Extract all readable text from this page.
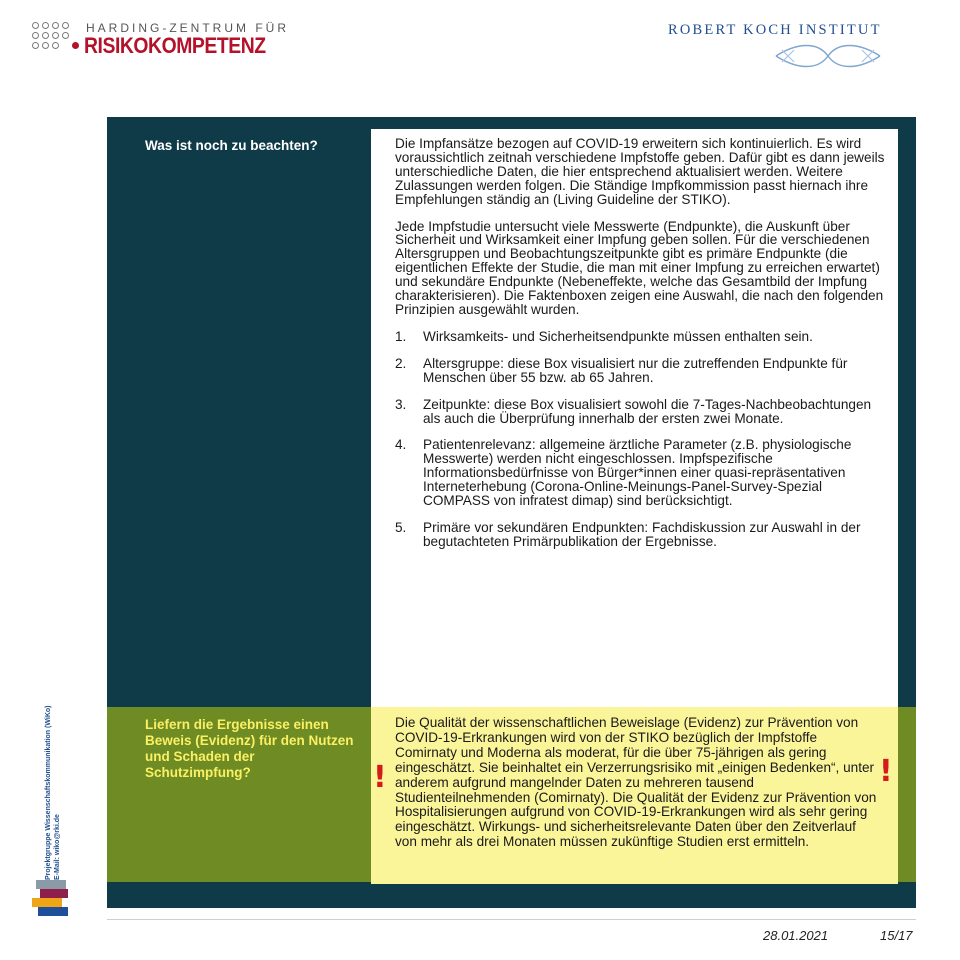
HARDING-ZENTRUM FÜR
RISIKOKOMPETENZ
ROBERT KOCH INSTITUT
Was ist noch zu beachten?
Liefern die Ergebnisse einen Beweis (Evidenz) für den Nutzen und Schaden der Schutzimpfung?

Die Impfansätze bezogen auf COVID-19 erweitern sich kontinuierlich. Es wird voraussichtlich zeitnah verschiedene Impfstoffe geben. Dafür gibt es dann jeweils unterschiedliche Daten, die hier entsprechend aktualisiert werden. Weitere Zulassungen werden folgen. Die Ständige Impfkommission passt hiernach ihre Empfehlungen ständig an (Living Guideline der STIKO).

Jede Impfstudie untersucht viele Messwerte (Endpunkte), die Auskunft über Sicherheit und Wirksamkeit einer Impfung geben sollen. Für die verschiedenen Altersgruppen und Beobachtungszeitpunkte gibt es primäre Endpunkte (die eigentlichen Effekte der Studie, die man mit einer Impfung zu erreichen erwartet) und sekundäre Endpunkte (Nebeneffekte, welche das Gesamtbild der Impfung charakterisieren). Die Faktenboxen zeigen eine Auswahl, die nach den folgenden Prinzipien ausgewählt wurden.

1. Wirksamkeits- und Sicherheitsendpunkte müssen enthalten sein.
2. Altersgruppe: diese Box visualisiert nur die zutreffenden Endpunkte für Menschen über 55 bzw. ab 65 Jahren.
3. Zeitpunkte: diese Box visualisiert sowohl die 7-Tages-Nachbeobachtungen als auch die Überprüfung innerhalb der ersten zwei Monate.
4. Patientenrelevanz: allgemeine ärztliche Parameter (z.B. physiologische Messwerte) werden nicht eingeschlossen. Impfspezifische Informationsbedürfnisse von Bürger*innen einer quasi-repräsentativen Interneterhebung (Corona-Online-Meinungs-Panel-Survey-Spezial COMPASS von infratest dimap) sind berücksichtigt.
5. Primäre vor sekundären Endpunkten: Fachdiskussion zur Auswahl in der begutachteten Primärpublikation der Ergebnisse.
Die Qualität der wissenschaftlichen Beweislage (Evidenz) zur Prävention von COVID-19-Erkrankungen wird von der STIKO bezüglich der Impfstoffe Comirnaty und Moderna als moderat, für die über 75-jährigen als gering eingeschätzt. Sie beinhaltet ein Verzerrungsrisiko mit „einigen Bedenken“, unter anderem aufgrund mangelnder Daten zu mehreren tausend Studienteilnehmenden (Comirnaty). Die Qualität der Evidenz zur Prävention von Hospitalisierungen aufgrund von COVID-19-Erkrankungen wird als sehr gering eingeschätzt. Wirkungs- und sicherheitsrelevante Daten über den Zeitverlauf von mehr als drei Monaten müssen zukünftige Studien erst ermitteln.
!	!
Projektgruppe Wissenschaftskommunikation (WiKo) E-Mail: wiko@rki.de
28.01.2021	15/17
